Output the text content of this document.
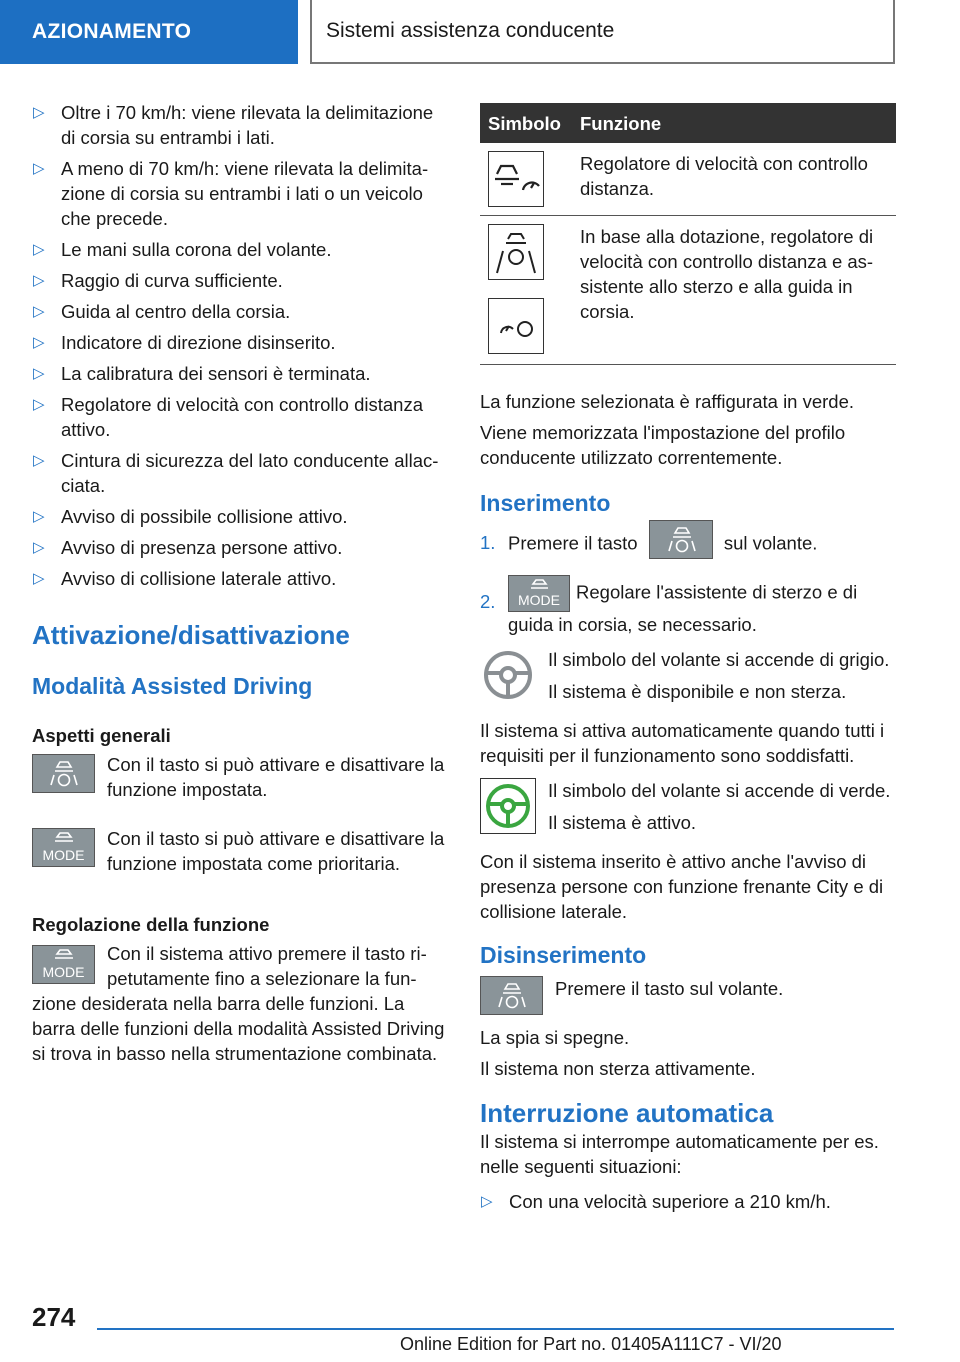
AZIONAMENTO	Sistemi assistenza conducente
▷ Oltre i 70 km/h: viene rilevata la delimitazione di corsia su entrambi i lati.
▷ A meno di 70 km/h: viene rilevata la delimitazione di corsia su entrambi i lati o un veicolo che precede.
▷ Le mani sulla corona del volante.
▷ Raggio di curva sufficiente.
▷ Guida al centro della corsia.
▷ Indicatore di direzione disinserito.
▷ La calibratura dei sensori è terminata.
▷ Regolatore di velocità con controllo distanza attivo.
▷ Cintura di sicurezza del lato conducente allacciata.
▷ Avviso di possibile collisione attivo.
▷ Avviso di presenza persone attivo.
▷ Avviso di collisione laterale attivo.
Attivazione/disattivazione
Modalità Assisted Driving
Aspetti generali
Con il tasto si può attivare e disattivare la funzione impostata.
MODE
Con il tasto si può attivare e disattivare la funzione impostata come prioritaria.
Regolazione della funzione
MODE

Con il sistema attivo premere il tasto ripetutamente fino a selezionare la funzione desiderata nella barra delle funzioni. La barra delle funzioni della modalità Assisted Driving si trova in basso nella strumentazione combinata.

Simbolo	Funzione
	Regolatore di velocità con controllo distanza.

	In base alla dotazione, regolatore di velocità con controllo distanza e assistente allo sterzo e alla guida in corsia.

La funzione selezionata è raffigurata in verde.

Viene memorizzata l'impostazione del profilo conducente utilizzato correntemente.

Inserimento
1. Premere il tasto	sul volante.
2.	MODE Regolare l'assistente di sterzo e di guida in corsia, se necessario.

Il simbolo del volante si accende di grigio.

Il sistema è disponibile e non sterza.

Il sistema si attiva automaticamente quando tutti i requisiti per il funzionamento sono soddisfatti.

Il simbolo del volante si accende di verde.

Il sistema è attivo.

Con il sistema inserito è attivo anche l'avviso di presenza persone con funzione frenante City e di collisione laterale.

Disinserimento
Premere il tasto sul volante.

La spia si spegne.

Il sistema non sterza attivamente.

Interruzione automatica

Il sistema si interrompe automaticamente per es. nelle seguenti situazioni:

▷ Con una velocità superiore a 210 km/h.
274
Online Edition for Part no. 01405A111C7 - VI/20
